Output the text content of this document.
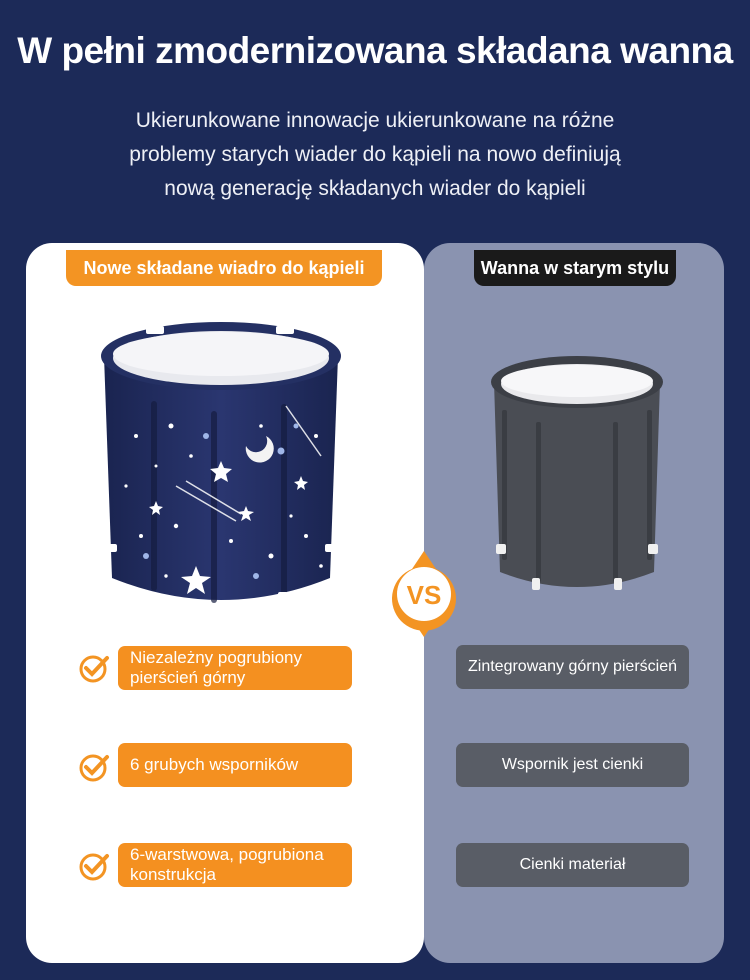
W pełni zmodernizowana składana wanna
Ukierunkowane innowacje ukierunkowane na różne
problemy starych wiader do kąpieli na nowo definiują
nową generację składanych wiader do kąpieli
Nowe składane wiadro do kąpieli	Wanna w starym stylu
VS
Niezależny pogrubiony
pierścień górny
6 grubych wsporników
6-warstwowa, pogrubiona
konstrukcja
Zintegrowany górny pierścień
Wspornik jest cienki
Cienki materiał
